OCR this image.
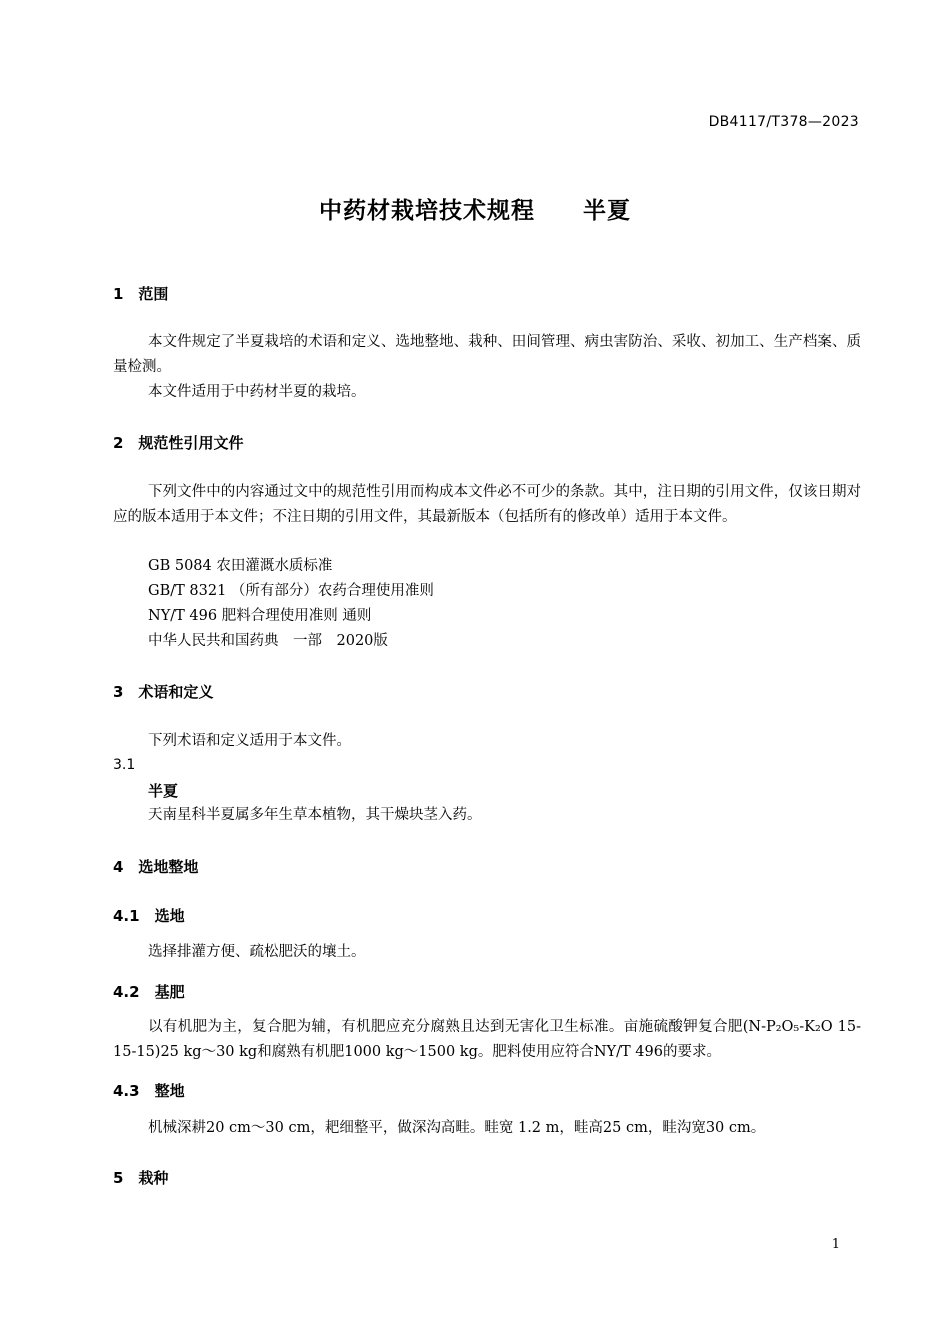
DB4117/T378—2023
中药材栽培技术规程　　半夏
1　范围

本文件规定了半夏栽培的术语和定义、选地整地、栽种、田间管理、病虫害防治、采收、初加工、生产档案、质量检测。

本文件适用于中药材半夏的栽培。

2　规范性引用文件

下列文件中的内容通过文中的规范性引用而构成本文件必不可少的条款。其中，注日期的引用文件，仅该日期对应的版本适用于本文件；不注日期的引用文件，其最新版本（包括所有的修改单）适用于本文件。

GB 5084 农田灌溉水质标准
GB/T 8321 （所有部分）农药合理使用准则
NY/T 496 肥料合理使用准则 通则
中华人民共和国药典　一部　2020版
3　术语和定义
下列术语和定义适用于本文件。
3.1
半夏
天南星科半夏属多年生草本植物，其干燥块茎入药。
4　选地整地
4.1　选地
选择排灌方便、疏松肥沃的壤土。
4.2　基肥

以有机肥为主，复合肥为辅，有机肥应充分腐熟且达到无害化卫生标准。亩施硫酸钾复合肥(N-P₂O₅-K₂O 15-15-15)25 kg～30 kg和腐熟有机肥1000 kg～1500 kg。肥料使用应符合NY/T 496的要求。

4.3　整地
机械深耕20 cm～30 cm，耙细整平，做深沟高畦。畦宽 1.2 m，畦高25 cm，畦沟宽30 cm。
5　栽种
1
